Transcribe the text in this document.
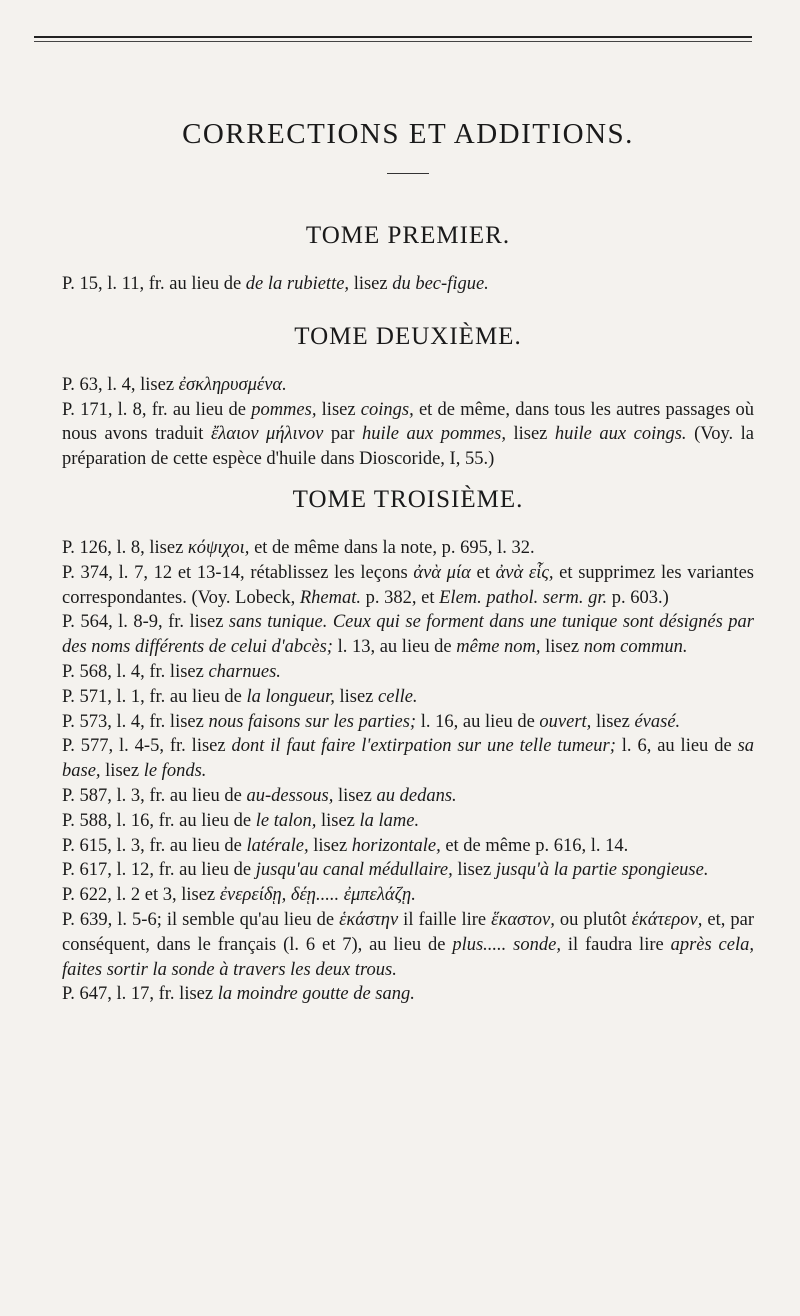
CORRECTIONS ET ADDITIONS.
TOME PREMIER.

P. 15, l. 11, fr. au lieu de de la rubiette, lisez du bec-figue.

TOME DEUXIÈME.

P. 63, l. 4, lisez ἐσκληρυσμένα.

P. 171, l. 8, fr. au lieu de pommes, lisez coings, et de même, dans tous les autres passages où nous avons traduit ἔλαιον μήλινον par huile aux pommes, lisez huile aux coings. (Voy. la préparation de cette espèce d'huile dans Dioscoride, I, 55.)

TOME TROISIÈME.

P. 126, l. 8, lisez κόψιχοι, et de même dans la note, p. 695, l. 32.

P. 374, l. 7, 12 et 13-14, rétablissez les leçons ἀνὰ μία et ἀνὰ εἷς, et supprimez les variantes correspondantes. (Voy. Lobeck, Rhemat. p. 382, et Elem. pathol. serm. gr. p. 603.)

P. 564, l. 8-9, fr. lisez sans tunique. Ceux qui se forment dans une tunique sont désignés par des noms différents de celui d'abcès; l. 13, au lieu de même nom, lisez nom commun.

P. 568, l. 4, fr. lisez charnues.

P. 571, l. 1, fr. au lieu de la longueur, lisez celle.

P. 573, l. 4, fr. lisez nous faisons sur les parties; l. 16, au lieu de ouvert, lisez évasé.

P. 577, l. 4-5, fr. lisez dont il faut faire l'extirpation sur une telle tumeur; l. 6, au lieu de sa base, lisez le fonds.

P. 587, l. 3, fr. au lieu de au-dessous, lisez au dedans.

P. 588, l. 16, fr. au lieu de le talon, lisez la lame.

P. 615, l. 3, fr. au lieu de latérale, lisez horizontale, et de même p. 616, l. 14.

P. 617, l. 12, fr. au lieu de jusqu'au canal médullaire, lisez jusqu'à la partie spongieuse.

P. 622, l. 2 et 3, lisez ἐνερείδῃ, δέῃ..... ἐμπελάζῃ.

P. 639, l. 5-6; il semble qu'au lieu de ἑκάστην il faille lire ἕκαστον, ou plutôt ἑκάτερον, et, par conséquent, dans le français (l. 6 et 7), au lieu de plus..... sonde, il faudra lire après cela, faites sortir la sonde à travers les deux trous.

P. 647, l. 17, fr. lisez la moindre goutte de sang.
